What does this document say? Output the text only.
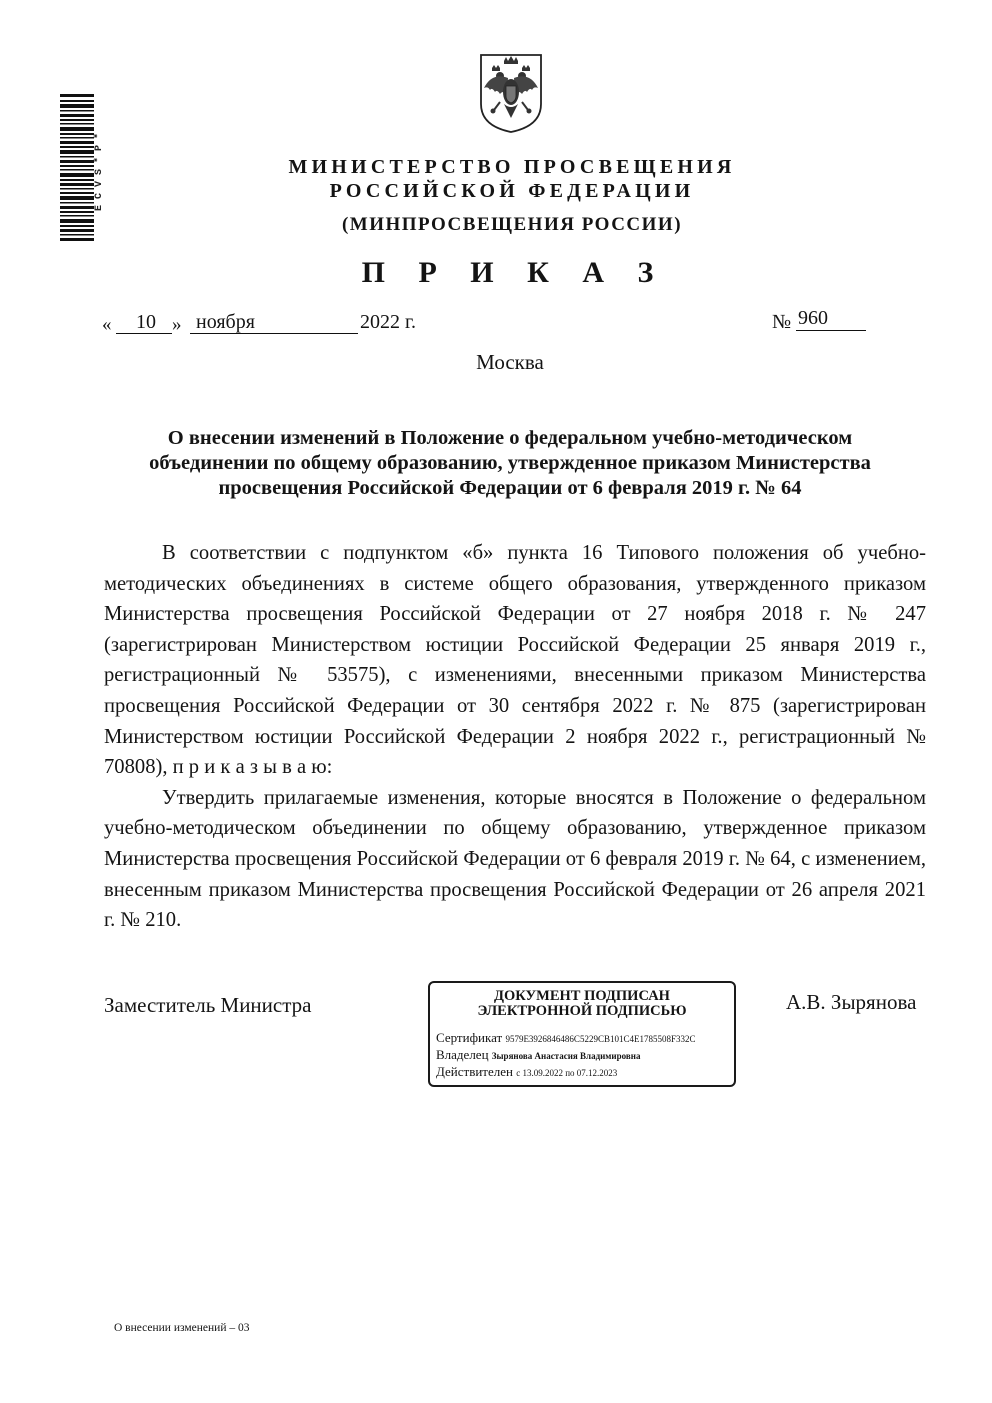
ECVS*P*	МИНИСТЕРСТВО ПРОСВЕЩЕНИЯ
РОССИЙСКОЙ ФЕДЕРАЦИИ
(МИНПРОСВЕЩЕНИЯ РОССИИ)
П Р И К А З
«	10 » ноября	2022 г.	№ 960
Москва
О внесении изменений в Положение о федеральном учебно-методическом объединении по общему образованию, утвержденное приказом Министерства просвещения Российской Федерации от 6 февраля 2019 г. № 64

В соответствии с подпунктом «б» пункта 16 Типового положения об учебно-методических объединениях в системе общего образования, утвержденного приказом Министерства просвещения Российской Федерации от 27 ноября 2018 г. № 247 (зарегистрирован Министерством юстиции Российской Федерации 25 января 2019 г., регистрационный № 53575), с изменениями, внесенными приказом Министерства просвещения Российской Федерации от 30 сентября 2022 г. № 875 (зарегистрирован Министерством юстиции Российской Федерации 2 ноября 2022 г., регистрационный № 70808), п р и к а з ы в а ю:

Утвердить прилагаемые изменения, которые вносятся в Положение о федеральном учебно-методическом объединении по общему образованию, утвержденное приказом Министерства просвещения Российской Федерации от 6 февраля 2019 г. № 64, с изменением, внесенным приказом Министерства просвещения Российской Федерации от 26 апреля 2021 г. № 210.

Заместитель Министра	А.В. Зырянова
ДОКУМЕНТ ПОДПИСАН
ЭЛЕКТРОННОЙ ПОДПИСЬЮ
Сертификат 9579E3926846486C5229CB101C4E1785508F332C
Владелец Зырянова Анастасия Владимировна
Действителен с 13.09.2022 по 07.12.2023
О внесении изменений – 03
